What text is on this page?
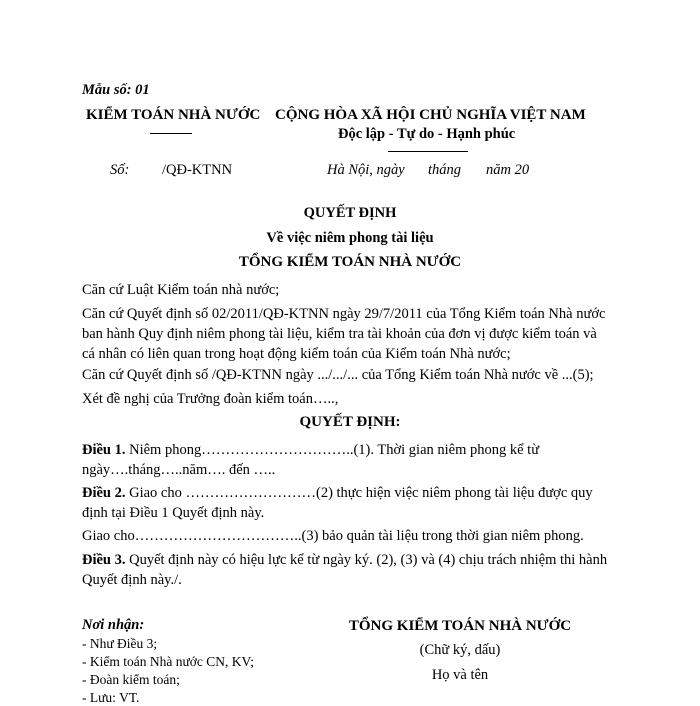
Mẫu số: 01
KIỂM TOÁN NHÀ NƯỚC CỘNG HÒA XÃ HỘI CHỦ NGHĨA VIỆT NAM
Độc lập - Tự do - Hạnh phúc
Số: /QĐ-KTNN	Hà Nội, ngày tháng năm 20
QUYẾT ĐỊNH
Về việc niêm phong tài liệu
TỔNG KIỂM TOÁN NHÀ NƯỚC
Căn cứ Luật Kiểm toán nhà nước;
Căn cứ Quyết định số 02/2011/QĐ-KTNN ngày 29/7/2011 của Tổng Kiểm toán Nhà nước ban hành Quy định niêm phong tài liệu, kiểm tra tài khoản của đơn vị được kiểm toán và cá nhân có liên quan trong hoạt động kiểm toán của Kiểm toán Nhà nước;
Căn cứ Quyết định số /QĐ-KTNN ngày .../.../... của Tổng Kiểm toán Nhà nước về ...(5);
Xét đề nghị của Trưởng đoàn kiểm toán…..,
QUYẾT ĐỊNH:
Điều 1. Niêm phong…………………………..(1). Thời gian niêm phong kể từ ngày….tháng…..năm…. đến …..
Điều 2. Giao cho ………………………(2) thực hiện việc niêm phong tài liệu được quy định tại Điều 1 Quyết định này.
Giao cho……………………………..(3) bảo quản tài liệu trong thời gian niêm phong.
Điều 3. Quyết định này có hiệu lực kể từ ngày ký. (2), (3) và (4) chịu trách nhiệm thi hành Quyết định này./.
Nơi nhận:
- Như Điều 3;
- Kiểm toán Nhà nước CN, KV;
- Đoàn kiểm toán;
- Lưu: VT.
TỔNG KIỂM TOÁN NHÀ NƯỚC
(Chữ ký, dấu)
Họ và tên
